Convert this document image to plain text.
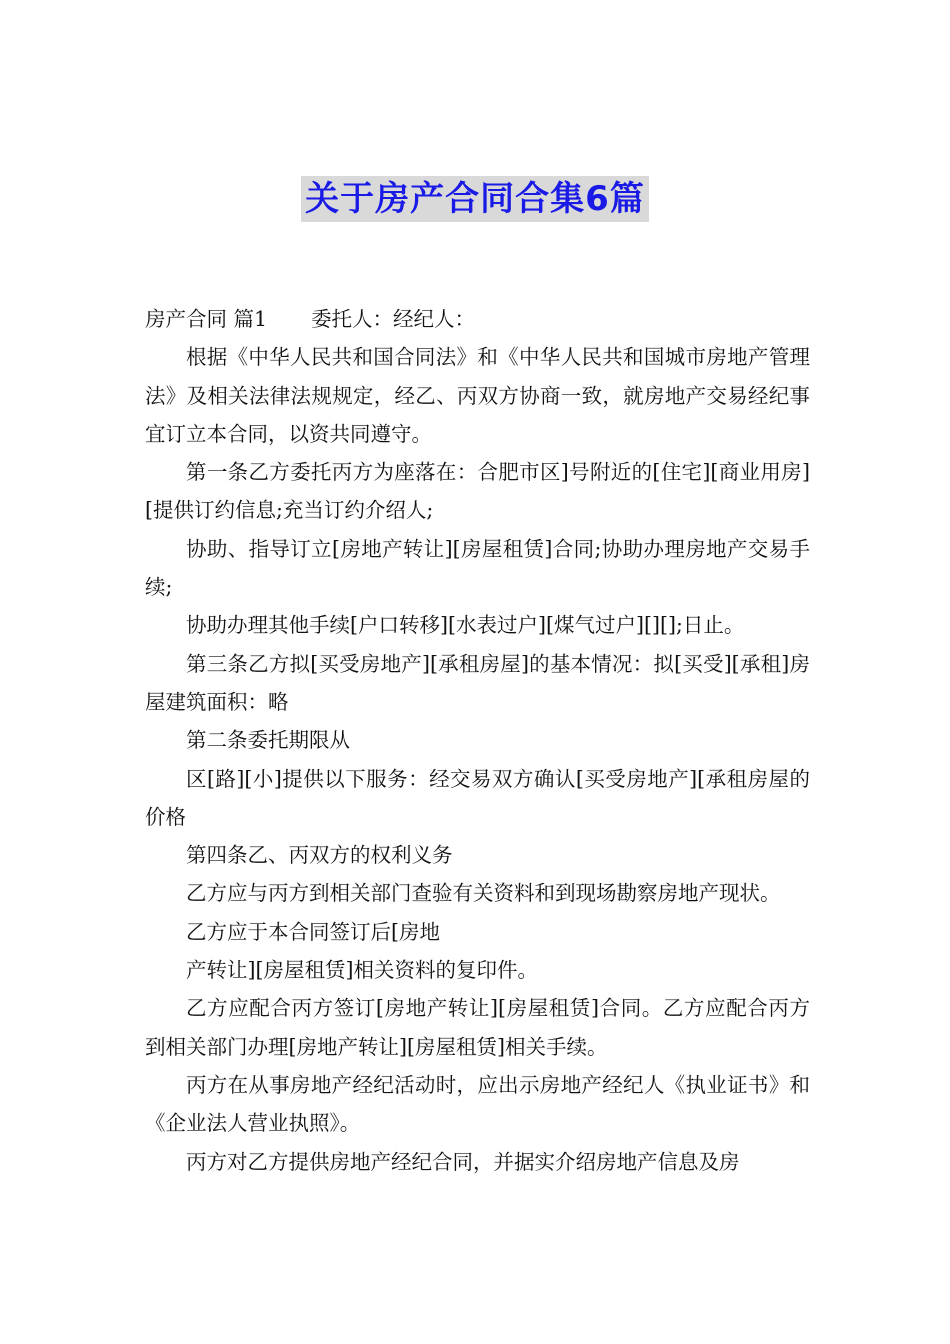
关于房产合同合集6篇

房产合同 篇1 委托人：经纪人：

根据《中华人民共和国合同法》和《中华人民共和国城市房地产管理法》及相关法律法规规定，经乙、丙双方协商一致，就房地产交易经纪事宜订立本合同，以资共同遵守。

第一条乙方委托丙方为座落在：合肥市区]号附近的[住宅][商业用房][提供订约信息;充当订约介绍人;

协助、指导订立[房地产转让][房屋租赁]合同;协助办理房地产交易手续;

协助办理其他手续[户口转移][水表过户][煤气过户][][];日止。

第三条乙方拟[买受房地产][承租房屋]的基本情况：拟[买受][承租]房屋建筑面积：略

第二条委托期限从

区[路][小]提供以下服务：经交易双方确认[买受房地产][承租房屋的价格

第四条乙、丙双方的权利义务

乙方应与丙方到相关部门查验有关资料和到现场勘察房地产现状。

乙方应于本合同签订后[房地

产转让][房屋租赁]相关资料的复印件。

乙方应配合丙方签订[房地产转让][房屋租赁]合同。乙方应配合丙方到相关部门办理[房地产转让][房屋租赁]相关手续。

丙方在从事房地产经纪活动时，应出示房地产经纪人《执业证书》和《企业法人营业执照》。

丙方对乙方提供房地产经纪合同，并据实介绍房地产信息及房
